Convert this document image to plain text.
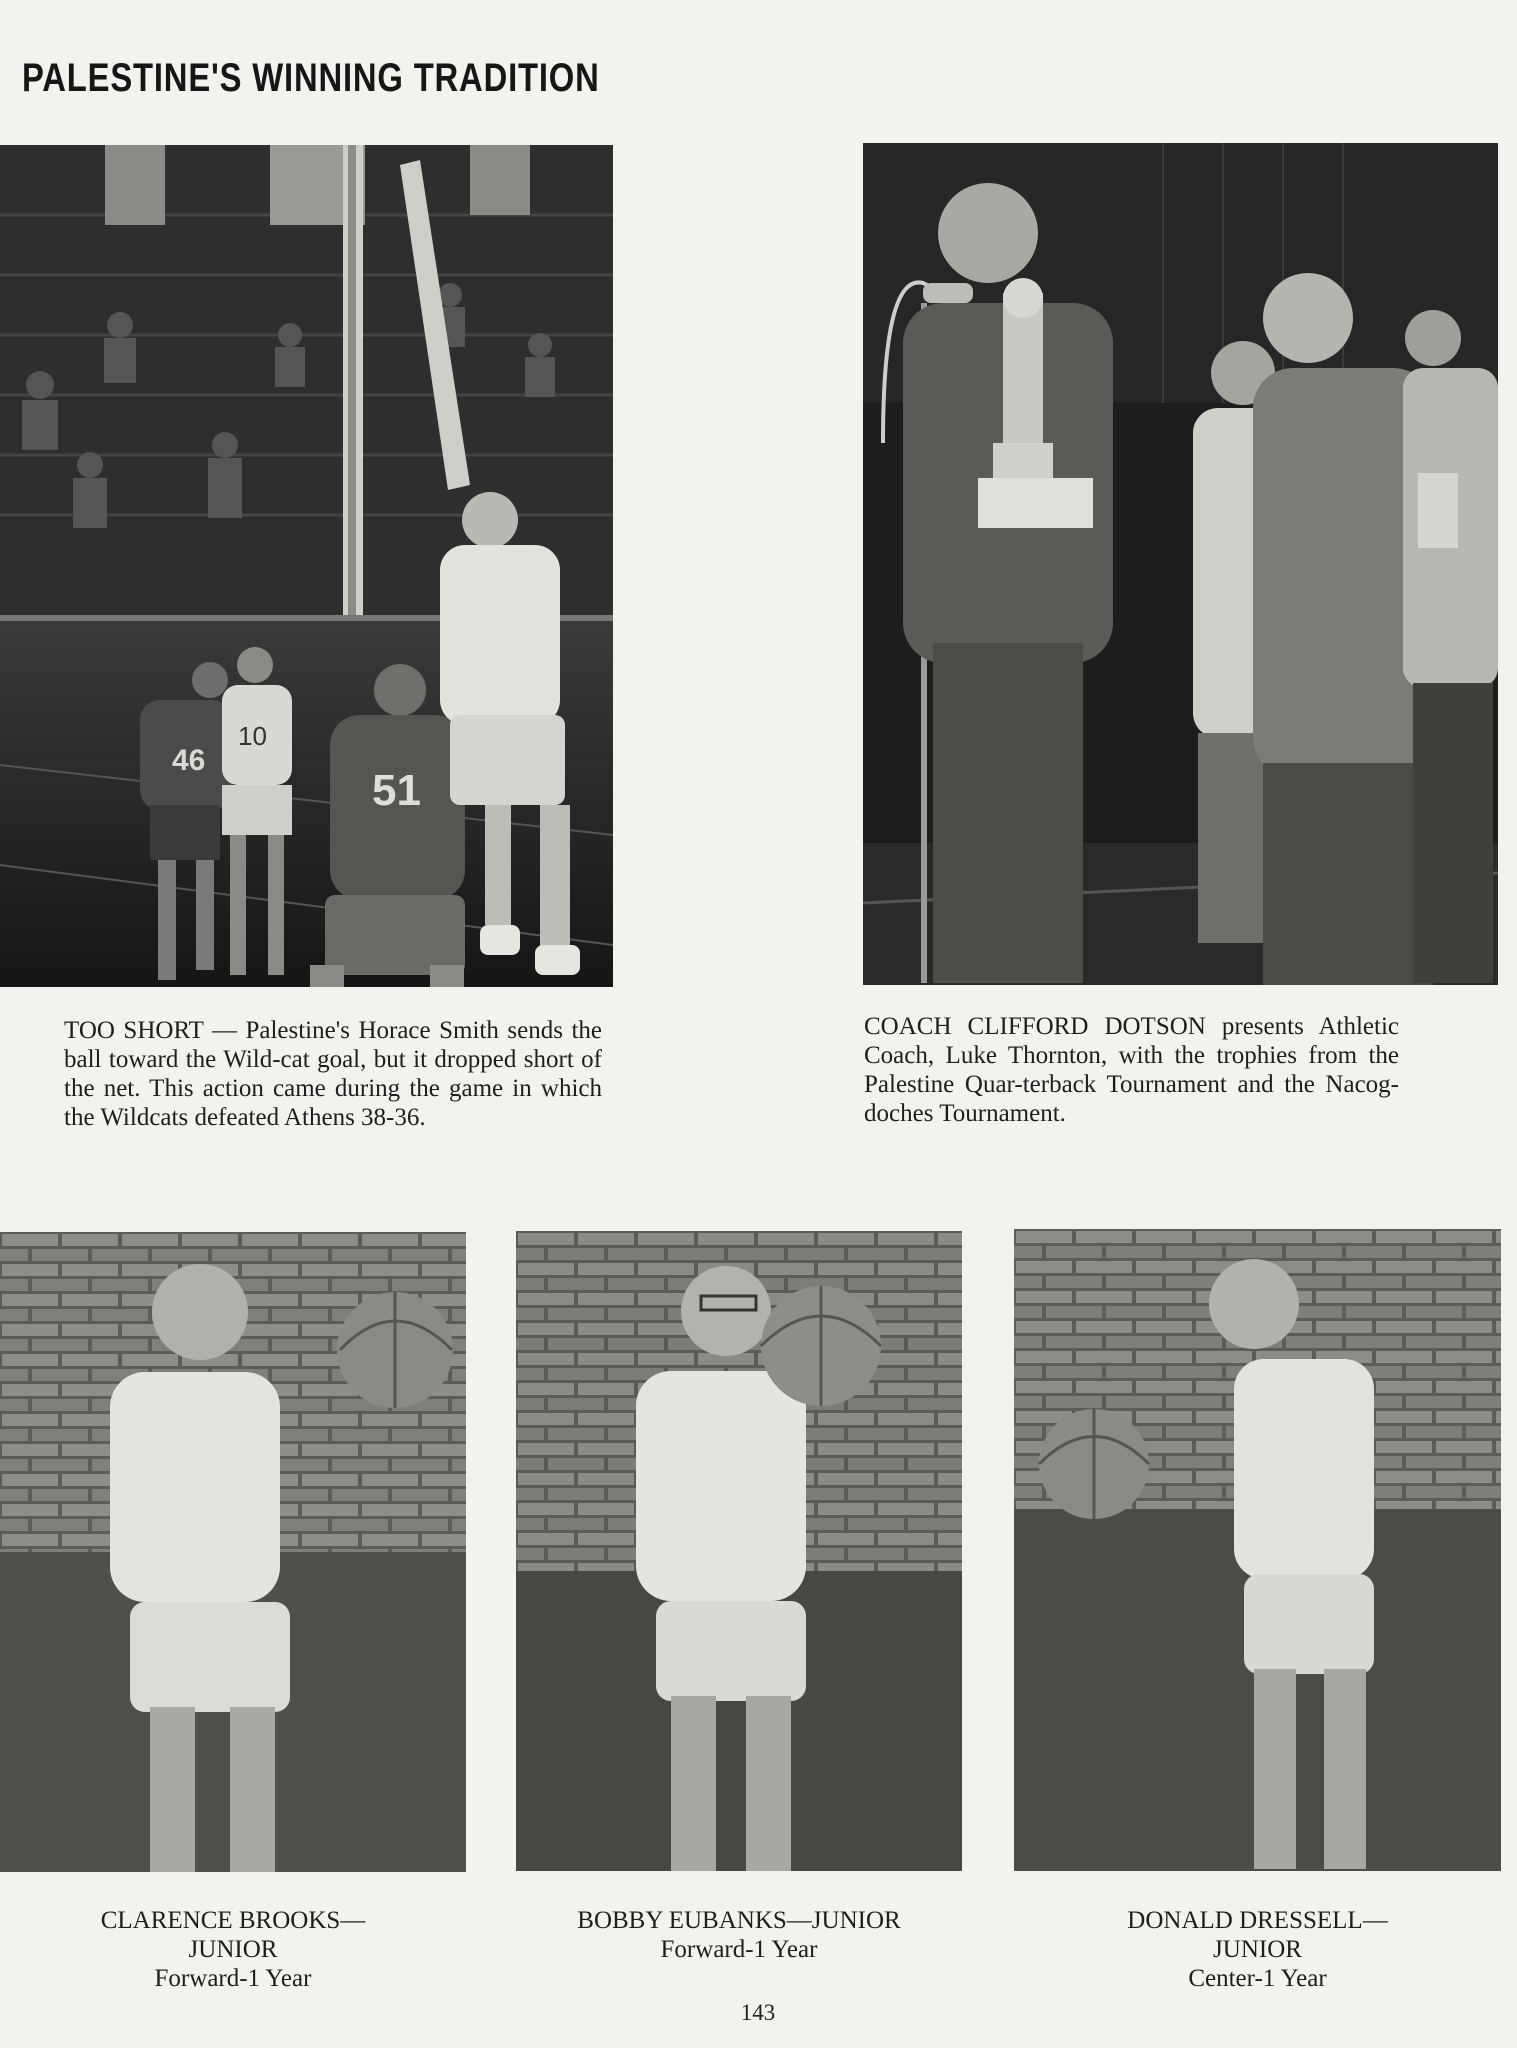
PALESTINE'S WINNING TRADITION
46
10
51
TOO SHORT — Palestine's Horace Smith sends the ball toward the Wild-cat goal, but it dropped short of the net. This action came during the game in which the Wildcats defeated Athens 38-36.
COACH CLIFFORD DOTSON presents Athletic Coach, Luke Thornton, with the trophies from the Palestine Quar-terback Tournament and the Nacog-doches Tournament.
CLARENCE BROOKS—
JUNIOR
Forward-1 Year
BOBBY EUBANKS—JUNIOR
Forward-1 Year
DONALD DRESSELL—
JUNIOR
Center-1 Year
143
